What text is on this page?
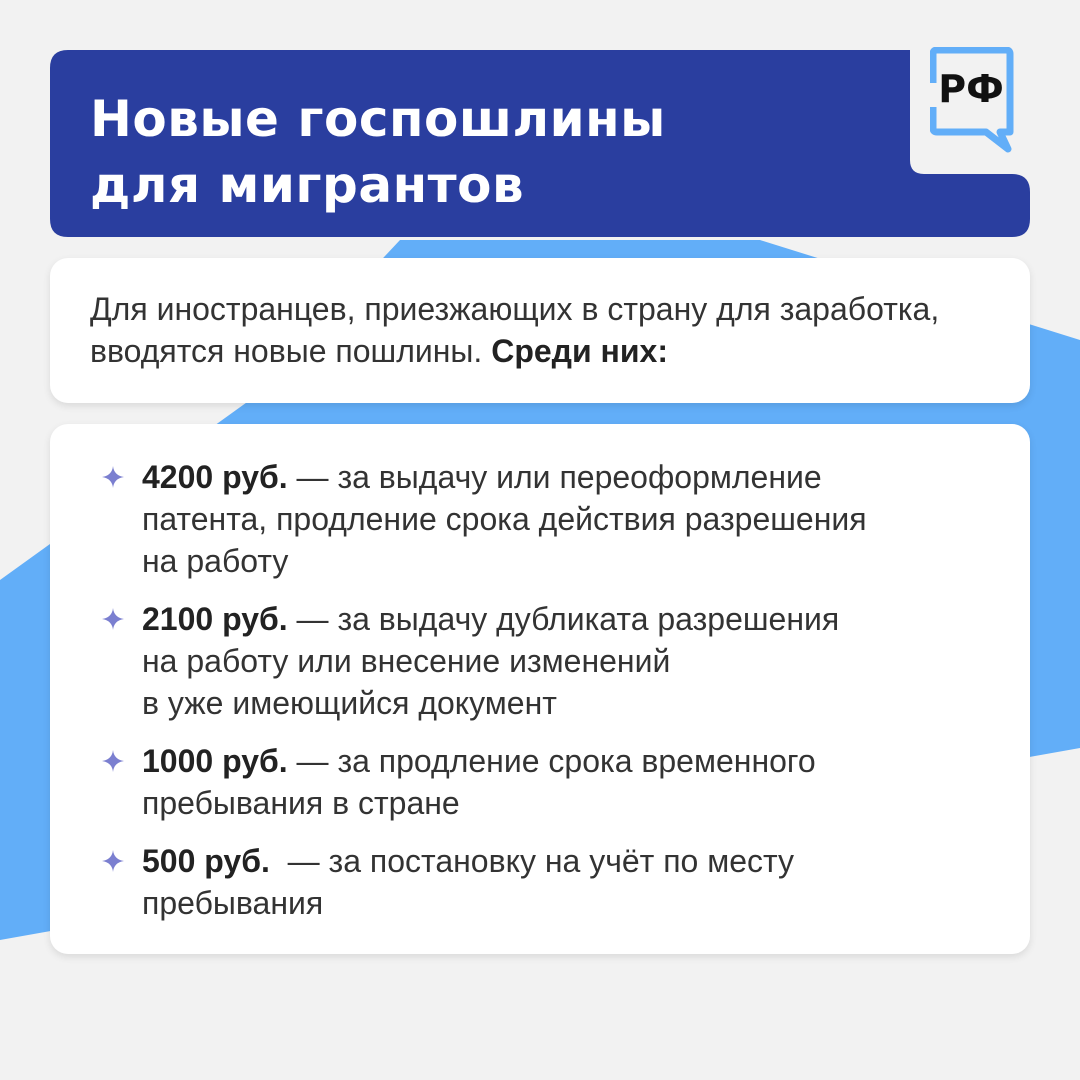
Новые госпошлины
для мигрантов
РФ

Для иностранцев, приезжающих в страну для заработка, вводятся новые пошлины. Среди них:

4200 руб. — за выдачу или переоформление
патента, продление срока действия разрешения
на работу
2100 руб. — за выдачу дубликата разрешения
на работу или внесение изменений
в уже имеющийся документ
1000 руб. — за продление срока временного
пребывания в стране
500 руб.  — за постановку на учёт по месту
пребывания
